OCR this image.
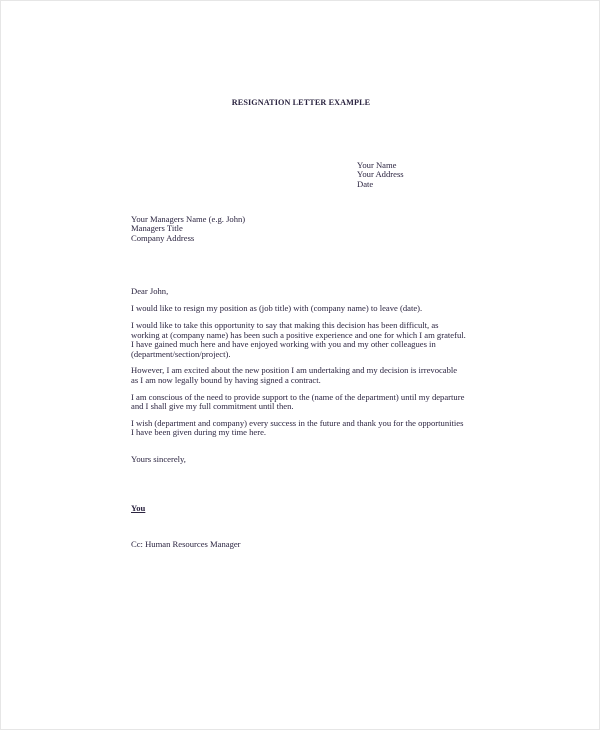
RESIGNATION LETTER EXAMPLE
Your Name
Your Address
Date
Your Managers Name (e.g. John)
Managers Title
Company Address

Dear John,

I would like to resign my position as (job title) with (company name) to leave (date).

I would like to take this opportunity to say that making this decision has been difficult, as working at (company name) has been such a positive experience and one for which I am grateful. I have gained much here and have enjoyed working with you and my other colleagues in (department/section/project).

However, I am excited about the new position I am undertaking and my decision is irrevocable as I am now legally bound by having signed a contract.

I am conscious of the need to provide support to the (name of the department) until my departure and I shall give my full commitment until then.

I wish (department and company) every success in the future and thank you for the opportunities I have been given during my time here.

Yours sincerely,

You
Cc: Human Resources Manager
